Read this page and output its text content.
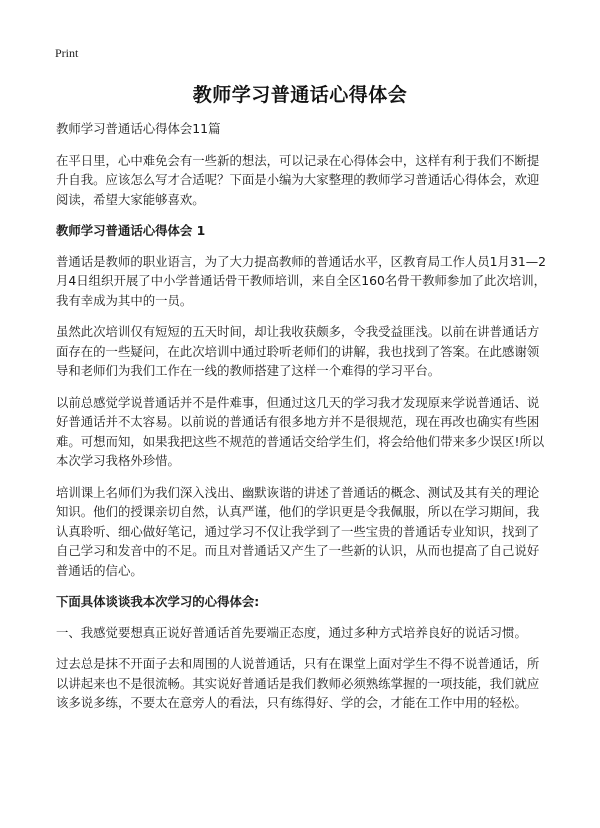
Print
教师学习普通话心得体会

教师学习普通话心得体会11篇

在平日里，心中难免会有一些新的想法，可以记录在心得体会中，这样有利于我们不断提升自我。应该怎么写才合适呢？下面是小编为大家整理的教师学习普通话心得体会，欢迎阅读，希望大家能够喜欢。

教师学习普通话心得体会 1

普通话是教师的职业语言，为了大力提高教师的普通话水平，区教育局工作人员1月31—2月4日组织开展了中小学普通话骨干教师培训，来自全区160名骨干教师参加了此次培训，我有幸成为其中的一员。

虽然此次培训仅有短短的五天时间，却让我收获颇多，令我受益匪浅。以前在讲普通话方面存在的一些疑问，在此次培训中通过聆听老师们的讲解，我也找到了答案。在此感谢领导和老师们为我们工作在一线的教师搭建了这样一个难得的学习平台。

以前总感觉学说普通话并不是件难事，但通过这几天的学习我才发现原来学说普通话、说好普通话并不太容易。以前说的普通话有很多地方并不是很规范，现在再改也确实有些困难。可想而知，如果我把这些不规范的普通话交给学生们，将会给他们带来多少误区!所以本次学习我格外珍惜。

培训课上名师们为我们深入浅出、幽默诙谐的讲述了普通话的概念、测试及其有关的理论知识。他们的授课亲切自然，认真严谨，他们的学识更是令我佩服，所以在学习期间，我认真聆听、细心做好笔记，通过学习不仅让我学到了一些宝贵的普通话专业知识，找到了自己学习和发音中的不足。而且对普通话又产生了一些新的认识，从而也提高了自己说好普通话的信心。

下面具体谈谈我本次学习的心得体会:

一、我感觉要想真正说好普通话首先要端正态度，通过多种方式培养良好的说话习惯。

过去总是抹不开面子去和周围的人说普通话，只有在课堂上面对学生不得不说普通话，所以讲起来也不是很流畅。其实说好普通话是我们教师必须熟练掌握的一项技能，我们就应该多说多练，不要太在意旁人的看法，只有练得好、学的会，才能在工作中用的轻松。
